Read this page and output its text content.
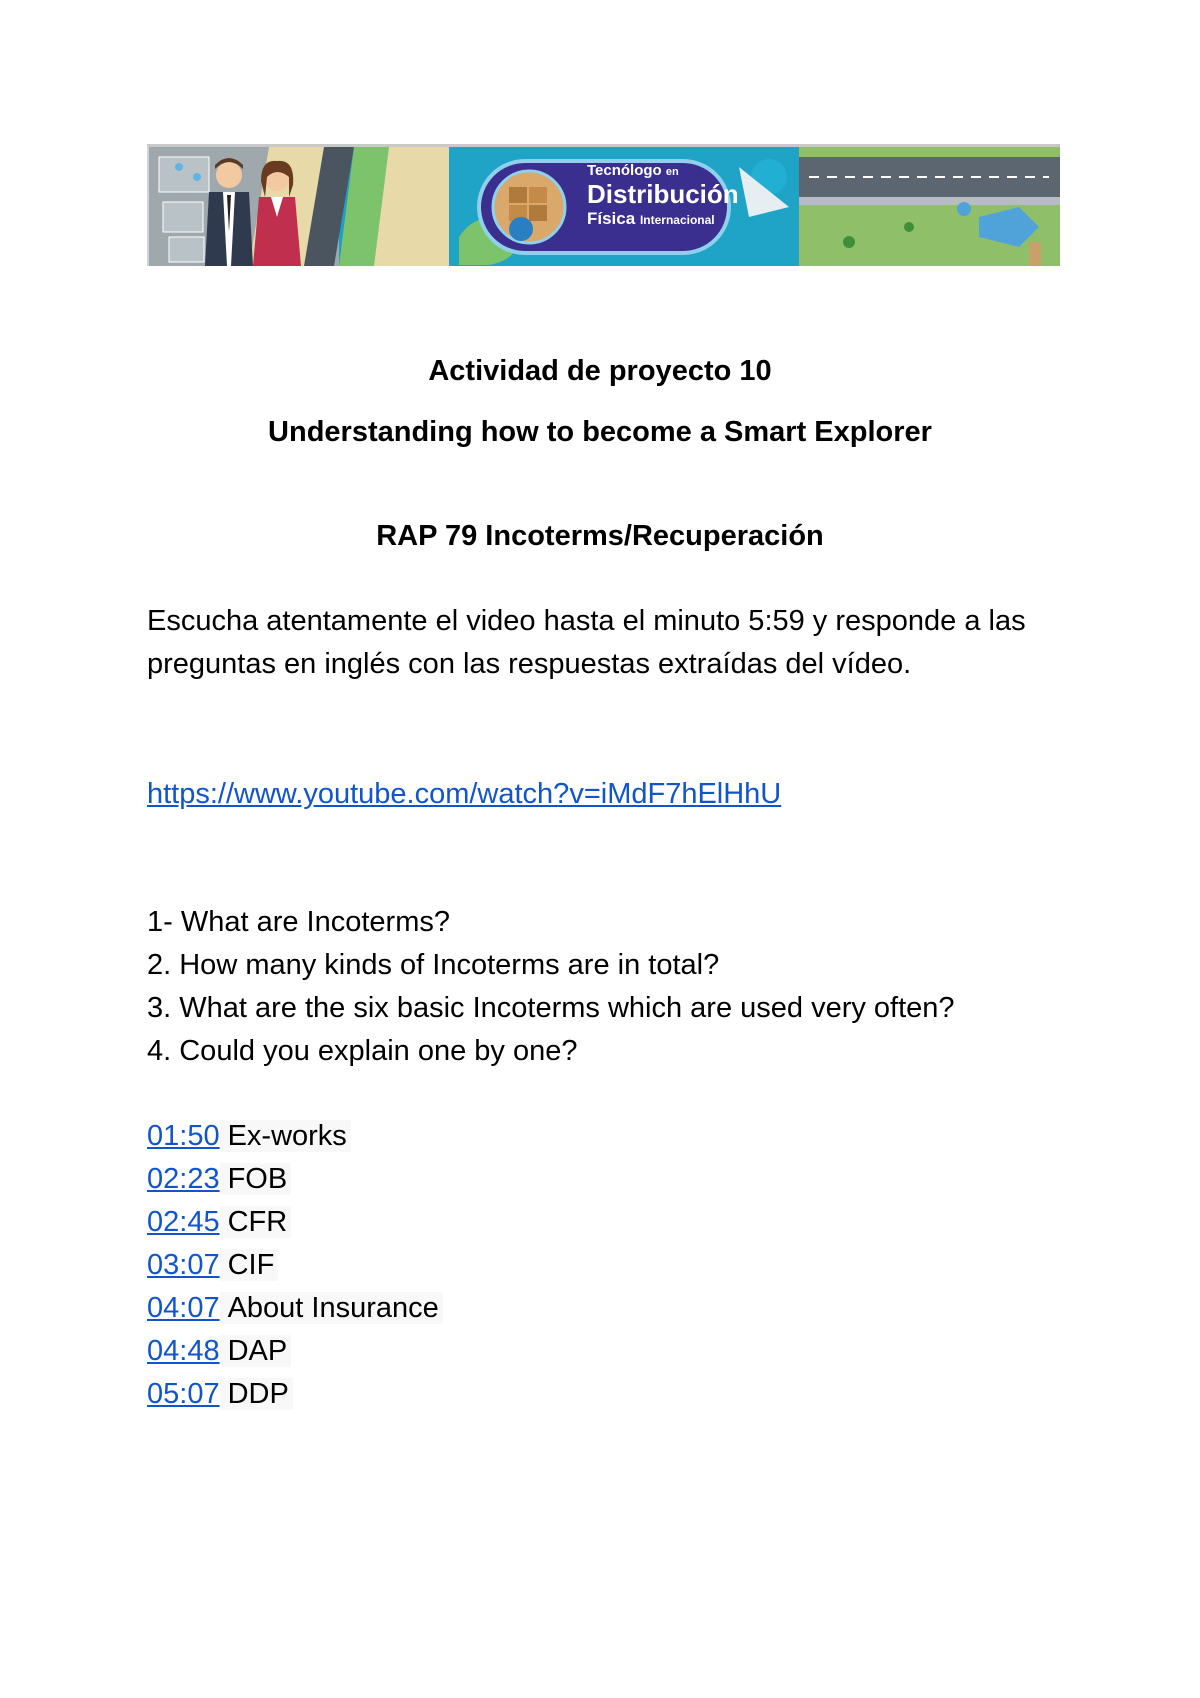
Tecnólogo en
Distribución
Física Internacional
Actividad de proyecto 10
Understanding how to become a Smart Explorer
RAP 79 Incoterms/Recuperación

Escucha atentamente el video hasta el minuto 5:59 y responde a las preguntas en inglés con las respuestas extraídas del vídeo.

https://www.youtube.com/watch?v=iMdF7hElHhU

1- What are Incoterms?

2. How many kinds of Incoterms are in total?

3. What are the six basic Incoterms which are used very often?

4. Could you explain one by one?

01:50 Ex-works

02:23 FOB

02:45 CFR

03:07 CIF

04:07 About Insurance

04:48 DAP

05:07 DDP
